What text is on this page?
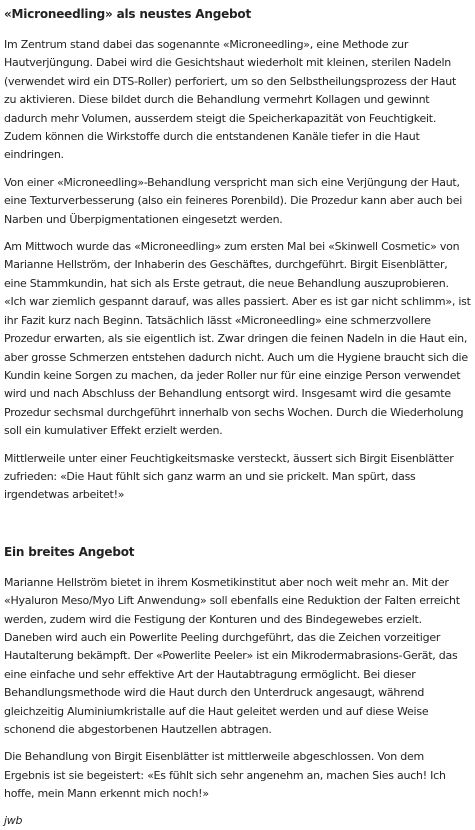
«Microneedling» als neustes Angebot

Im Zentrum stand dabei das sogenannte «Microneedling», eine Methode zur Hautverjüngung. Dabei wird die Gesichtshaut wiederholt mit kleinen, sterilen Nadeln (verwendet wird ein DTS-Roller) perforiert, um so den Selbstheilungsprozess der Haut zu aktivieren. Diese bildet durch die Behandlung vermehrt Kollagen und gewinnt dadurch mehr Volumen, ausserdem steigt die Speicherkapazität von Feuchtigkeit. Zudem können die Wirkstoffe durch die entstandenen Kanäle tiefer in die Haut eindringen.

Von einer «Microneedling»-Behandlung verspricht man sich eine Verjüngung der Haut, eine Texturverbesserung (also ein feineres Porenbild). Die Prozedur kann aber auch bei Narben und Überpigmentationen eingesetzt werden.

Am Mittwoch wurde das «Microneedling» zum ersten Mal bei «Skinwell Cosmetic» von Marianne Hellström, der Inhaberin des Geschäftes, durchgeführt. Birgit Eisenblätter, eine Stammkundin, hat sich als Erste getraut, die neue Behandlung auszuprobieren. «Ich war ziemlich gespannt darauf, was alles passiert. Aber es ist gar nicht schlimm», ist ihr Fazit kurz nach Beginn. Tatsächlich lässt «Microneedling» eine schmerzvollere Prozedur erwarten, als sie eigentlich ist. Zwar dringen die feinen Nadeln in die Haut ein, aber grosse Schmerzen entstehen dadurch nicht. Auch um die Hygiene braucht sich die Kundin keine Sorgen zu machen, da jeder Roller nur für eine einzige Person verwendet wird und nach Abschluss der Behandlung entsorgt wird. Insgesamt wird die gesamte Prozedur sechsmal durchgeführt innerhalb von sechs Wochen. Durch die Wiederholung soll ein kumulativer Effekt erzielt werden.

Mittlerweile unter einer Feuchtigkeitsmaske versteckt, äussert sich Birgit Eisenblätter zufrieden: «Die Haut fühlt sich ganz warm an und sie prickelt. Man spürt, dass irgendetwas arbeitet!»

Ein breites Angebot

Marianne Hellström bietet in ihrem Kosmetikinstitut aber noch weit mehr an. Mit der «Hyaluron Meso/Myo Lift Anwendung» soll ebenfalls eine Reduktion der Falten erreicht werden, zudem wird die Festigung der Konturen und des Bindegewebes erzielt. Daneben wird auch ein Powerlite Peeling durchgeführt, das die Zeichen vorzeitiger Hautalterung bekämpft. Der «Powerlite Peeler» ist ein Mikrodermabrasions-Gerät, das eine einfache und sehr effektive Art der Hautabtragung ermöglicht. Bei dieser Behandlungsmethode wird die Haut durch den Unterdruck angesaugt, während gleichzeitig Aluminiumkristalle auf die Haut geleitet werden und auf diese Weise schonend die abgestorbenen Hautzellen abtragen.

Die Behandlung von Birgit Eisenblätter ist mittlerweile abgeschlossen. Von dem Ergebnis ist sie begeistert: «Es fühlt sich sehr angenehm an, machen Sies auch! Ich hoffe, mein Mann erkennt mich noch!»

jwb
